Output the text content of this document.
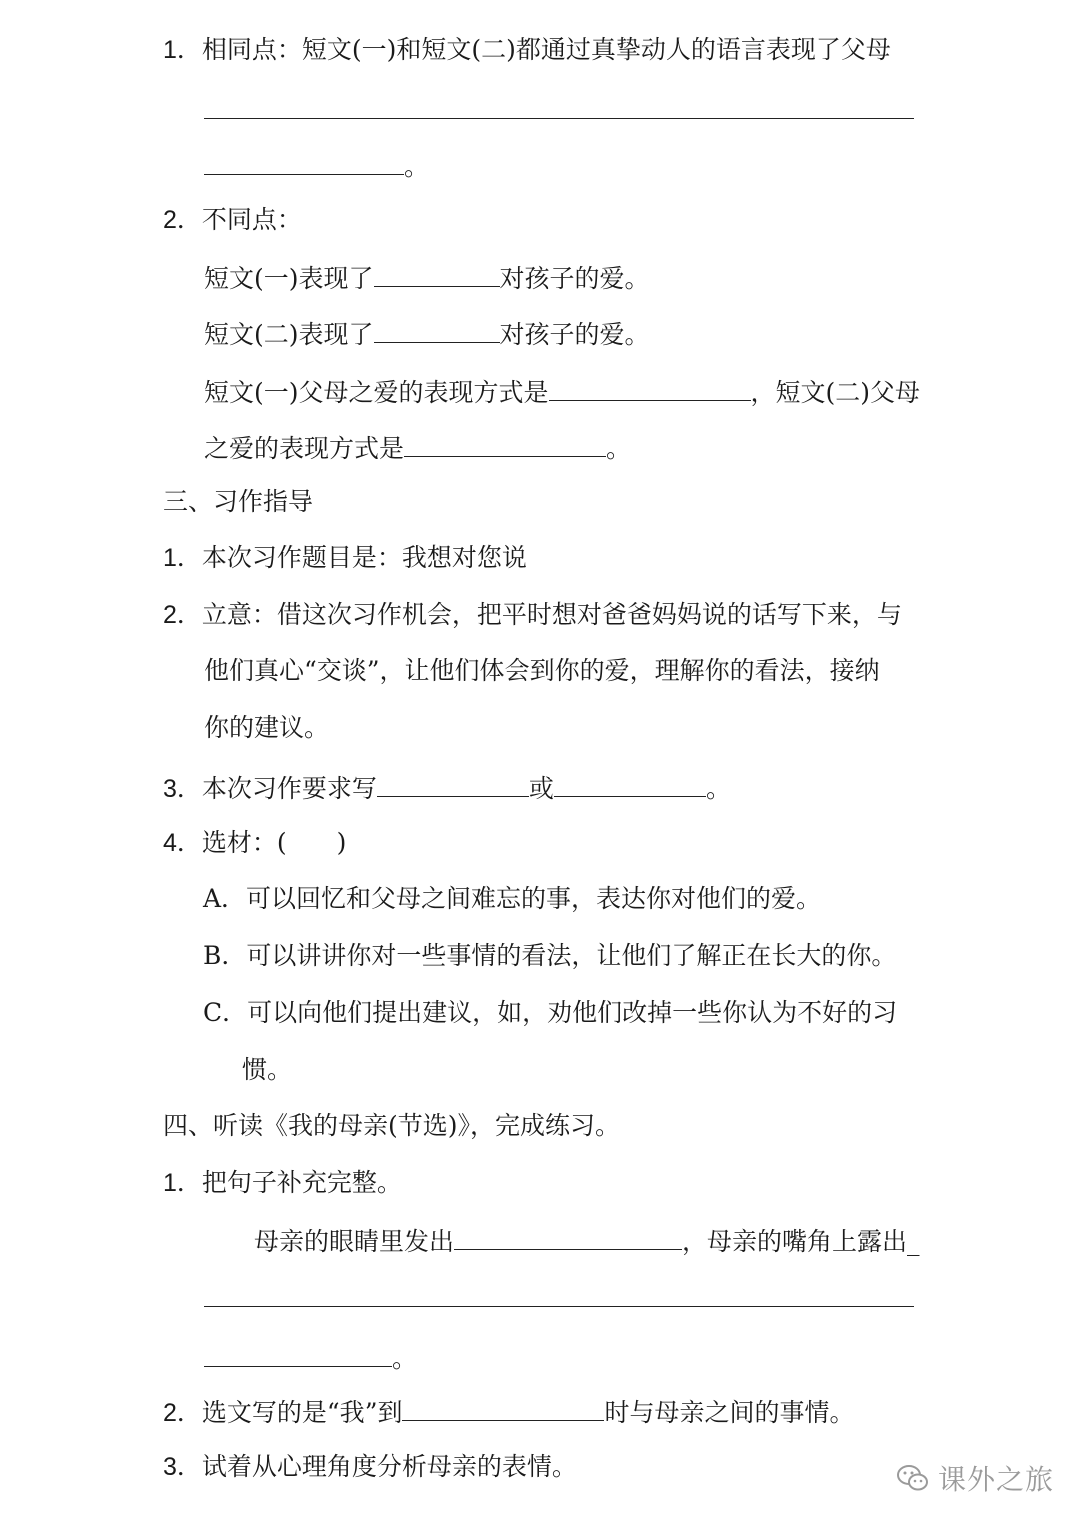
1．相同点：短文(一)和短文(二)都通过真挚动人的语言表现了父母
。
2．不同点：
短文(一)表现了	对孩子的爱。
短文(二)表现了	对孩子的爱。
短文(一)父母之爱的表现方式是	，短文(二)父母
之爱的表现方式是	。
三、习作指导
1．本次习作题目是：我想对您说
2．立意：借这次习作机会，把平时想对爸爸妈妈说的话写下来，与
他们真心“交谈”，让他们体会到你的爱，理解你的看法，接纳
你的建议。
3．本次习作要求写	或	。
4．选材：(　　)
A．可以回忆和父母之间难忘的事，表达你对他们的爱。
B．可以讲讲你对一些事情的看法，让他们了解正在长大的你。
C．可以向他们提出建议，如，劝他们改掉一些你认为不好的习
惯。
四、听读《我的母亲(节选)》，完成练习。
1．把句子补充完整。
母亲的眼睛里发出	，母亲的嘴角上露出_
。
2．选文写的是“我”到	时与母亲之间的事情。
3．试着从心理角度分析母亲的表情。	课外之旅
